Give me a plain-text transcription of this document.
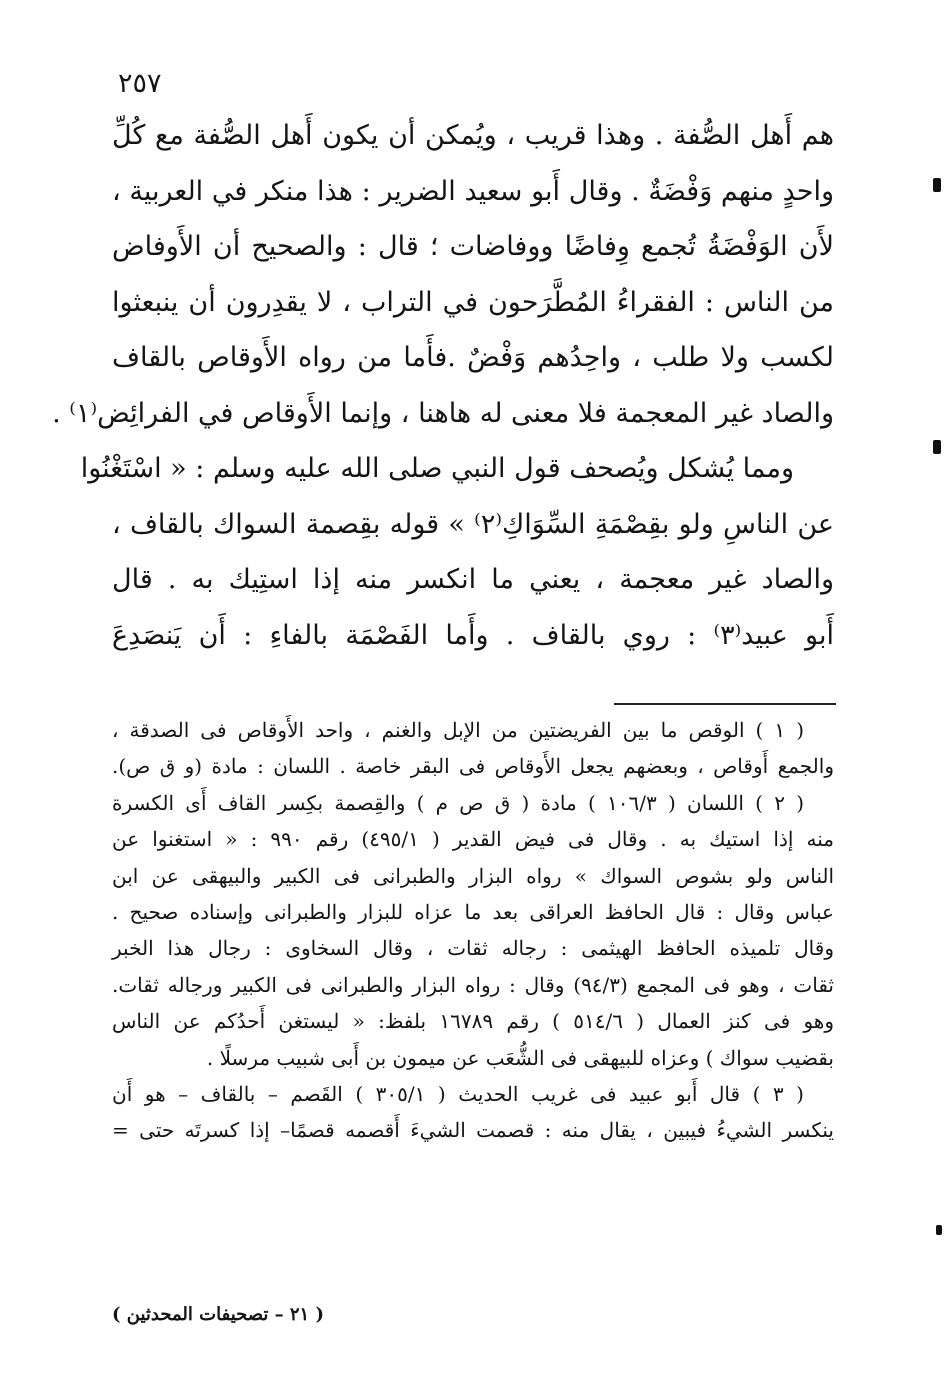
٢٥٧
هم أَهل الصُّفة . وهذا قريب ، ويُمكن أن يكون أَهل الصُّفة مع كُلِّ
واحدٍ منهم وَفْضَةٌ . وقال أَبو سعيد الضرير : هذا منكر في العربية ،
لأَن الوَفْضَةُ تُجمع وِفاضًا ووفاضات ؛ قال : والصحيح أن الأَوفاض
من الناس : الفقراءُ المُطَّرَحون في التراب ، لا يقدِرون أن ينبعثوا
لكسب ولا طلب ، واحِدُهم وَفْضٌ .فأَما من رواه الأَوقاص بالقاف
والصاد غير المعجمة فلا معنى له هاهنا ، وإنما الأَوقاص في الفرائِض⁽١⁾ .
ومما يُشكل ويُصحف قول النبي صلى الله عليه وسلم : « اسْتَغْنُوا
عن الناسِ ولو بقِصْمَةِ السِّوَاكِ⁽٢⁾ » قوله بقِصمة السواك بالقاف ،
والصاد غير معجمة ، يعني ما انكسر منه إذا استِيك به . قال
أَبو عبيد⁽٣⁾ : روي بالقاف . وأَما الفَصْمَة بالفاءِ : أَن يَنصَدِعَ
( ١ ) الوقص ما بين الفريضتين من الإبل والغنم ، واحد الأَوقاص فى الصدقة ،
والجمع أَوقاص ، وبعضهم يجعل الأَوقاص فى البقر خاصة . اللسان : مادة (و ق ص).
( ٢ ) اللسان ( ١٠٦/٣ ) مادة ( ق ص م ) والقِصمة بكِسر القاف أَى الكسرة
منه إذا استيك به . وقال فى فيض القدير ( ٤٩٥/١) رقم ٩٩٠ : « استغنوا عن
الناس ولو بشوص السواك » رواه البزار والطبرانى فى الكبير والبيهقى عن ابن
عباس وقال : قال الحافظ العراقى بعد ما عزاه للبزار والطبرانى وإسناده صحيح .
وقال تلميذه الحافظ الهيثمى : رجاله ثقات ، وقال السخاوى : رجال هذا الخبر
ثقات ، وهو فى المجمع (٩٤/٣) وقال : رواه البزار والطبرانى فى الكبير ورجاله ثقات.
وهو فى كنز العمال ( ٥١٤/٦ ) رقم ١٦٧٨٩ بلفظ: « ليستغن أَحدُكم عن الناس
بقضيب سواك ) وعزاه للبيهقى فى الشُّعَب عن ميمون بن أَبى شبيب مرسلًا .
( ٣ ) قال أَبو عبيد فى غريب الحديث ( ٣٠٥/١ ) القَصم – بالقاف – هو أَن
ينكسر الشيءُ فيبين ، يقال منه : قصمت الشيءَ أَقصمه قصمًا– إذا كسرتَه حتى =
( ٢١ – تصحيفات المحدثين )
